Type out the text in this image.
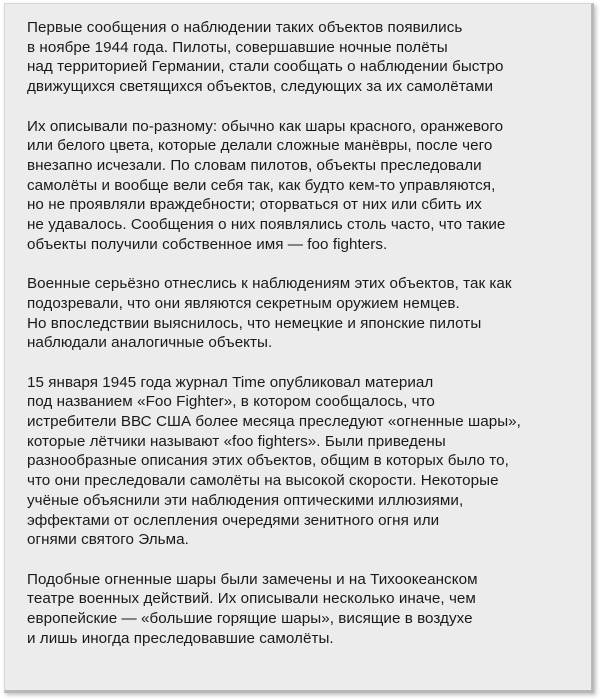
Первые сообщения о наблюдении таких объектов появились
в ноябре 1944 года. Пилоты, совершавшие ночные полёты
над территорией Германии, стали сообщать о наблюдении быстро
движущихся светящихся объектов, следующих за их самолётами

Их описывали по-разному: обычно как шары красного, оранжевого
или белого цвета, которые делали сложные манёвры, после чего
внезапно исчезали. По словам пилотов, объекты преследовали
самолёты и вообще вели себя так, как будто кем-то управляются,
но не проявляли враждебности; оторваться от них или сбить их
не удавалось. Сообщения о них появлялись столь часто, что такие
объекты получили собственное имя — foo fighters.

Военные серьёзно отнеслись к наблюдениям этих объектов, так как
подозревали, что они являются секретным оружием немцев.
Но впоследствии выяснилось, что немецкие и японские пилоты
наблюдали аналогичные объекты.

15 января 1945 года журнал Time опубликовал материал
под названием «Foo Fighter», в котором сообщалось, что
истребители ВВС США более месяца преследуют «огненные шары»,
которые лётчики называют «foo fighters». Были приведены
разнообразные описания этих объектов, общим в которых было то,
что они преследовали самолёты на высокой скорости. Некоторые
учёные объяснили эти наблюдения оптическими иллюзиями,
эффектами от ослепления очередями зенитного огня или
огнями святого Эльма.

Подобные огненные шары были замечены и на Тихоокеанском
театре военных действий. Их описывали несколько иначе, чем
европейские — «большие горящие шары», висящие в воздухе
и лишь иногда преследовавшие самолёты.
